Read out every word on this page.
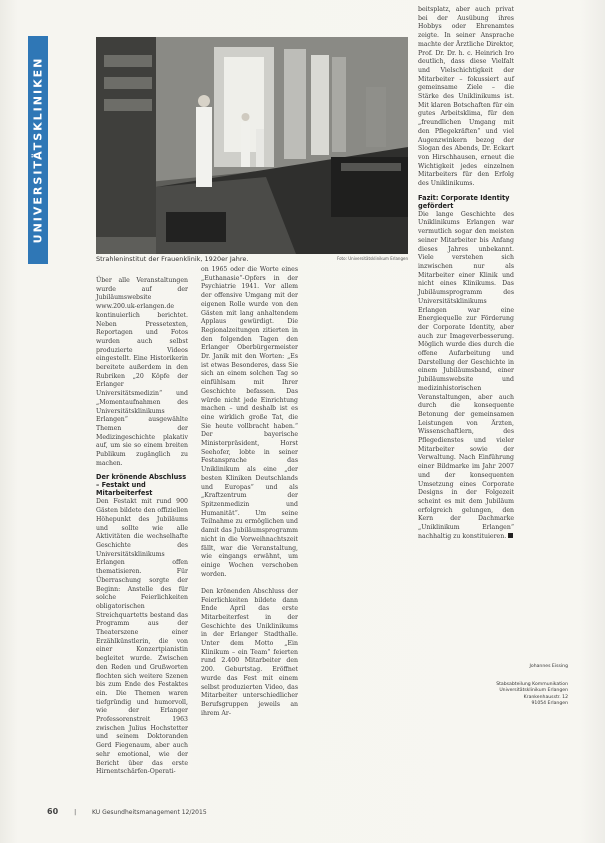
UNIVERSITÄTSKLINIKEN
Strahleninstitut der Frauenklinik, 1920er Jahre.	Foto: Universitätsklinikum Erlangen

Über alle Veranstaltungen wurde auf der Jubiläumswebsite www.200.uk-erlangen.de kontinuierlich berichtet. Neben Pressetexten, Reportagen und Fotos wurden auch selbst produzierte Videos eingestellt. Eine Historikerin bereitete außerdem in den Rubriken „20 Köpfe der Erlanger Universitätsmedizin“ und „Momentaufnahmen des Universitätsklinikums Erlangen“ ausgewählte Themen der Medizingeschichte plakativ auf, um sie so einem breiten Publikum zugänglich zu machen.

Der krönende Abschluss – Festakt und Mitarbeiterfest

Den Festakt mit rund 900 Gästen bildete den offiziellen Höhepunkt des Jubiläums und sollte wie alle Aktivitäten die wechselhafte Geschichte des Universitätsklinikums Erlangen offen thematisieren. Für Überraschung sorgte der Beginn: Anstelle des für solche Feierlichkeiten obligatorischen Streichquartetts bestand das Programm aus der Theaterszene einer Erzählkünstlerin, die von einer Konzertpianistin begleitet wurde. Zwischen den Reden und Grußworten flochten sich weitere Szenen bis zum Ende des Festaktes ein. Die Themen waren tiefgründig und humorvoll, wie der Erlanger Professorenstreit 1963 zwischen Julius Hochstetter und seinem Doktoranden Gerd Fiegenaum, aber auch sehr emotional, wie der Bericht über das erste Hirnentschärfen-Operati-

on 1965 oder die Worte eines „Euthanasie“-Opfers in der Psychiatrie 1941. Vor allem der offensive Umgang mit der eigenen Rolle wurde von den Gästen mit lang anhaltendem Applaus gewürdigt. Die Regionalzeitungen zitierten in den folgenden Tagen den Erlanger Oberbürgermeister Dr. Janik mit den Worten: „Es ist etwas Besonderes, dass Sie sich an einem solchen Tag so einfühlsam mit Ihrer Geschichte befassen. Das würde nicht jede Einrichtung machen – und deshalb ist es eine wirklich große Tat, die Sie heute vollbracht haben.“ Der bayerische Ministerpräsident, Horst Seehofer, lobte in seiner Festansprache das Uniklinikum als eine „der besten Kliniken Deutschlands und Europas“ und als „Kraftzentrum der Spitzenmedizin und Humanität“. Um seine Teilnahme zu ermöglichen und damit das Jubiläumsprogramm nicht in die Vorweihnachtszeit fällt, war die Veranstaltung, wie eingangs erwähnt, um einige Wochen verschoben worden.

Den krönenden Abschluss der Feierlichkeiten bildete dann Ende April das erste Mitarbeiterfest in der Geschichte des Uniklinikums in der Erlanger Stadthalle. Unter dem Motto „Ein Klinikum – ein Team“ feierten rund 2.400 Mitarbeiter den 200. Geburtstag. Eröffnet wurde das Fest mit einem selbst produzierten Video, das Mitarbeiter unterschiedlicher Berufsgruppen jeweils an ihrem Ar-

beitsplatz, aber auch privat bei der Ausübung ihres Hobbys oder Ehrenamtes zeigte. In seiner Ansprache machte der Ärztliche Direktor, Prof. Dr. Dr. h. c. Heinrich Iro deutlich, dass diese Vielfalt und Vielschichtigkeit der Mitarbeiter – fokussiert auf gemeinsame Ziele – die Stärke des Uniklinikums ist. Mit klaren Botschaften für ein gutes Arbeitsklima, für den „freundlichen Umgang mit den Pflegekräften“ und viel Augenzwinkern bezog der Slogan des Abends, Dr. Eckart von Hirschhausen, erneut die Wichtigkeit jedes einzelnen Mitarbeiters für den Erfolg des Uniklinikums.

Fazit: Corporate Identity gefördert

Die lange Geschichte des Uniklinikums Erlangen war vermutlich sogar den meisten seiner Mitarbeiter bis Anfang dieses Jahres unbekannt. Viele verstehen sich inzwischen nur als Mitarbeiter einer Klinik und nicht eines Klinikums. Das Jubiläumsprogramm des Universitätsklinikums Erlangen war eine Energiequelle zur Förderung der Corporate Identity, aber auch zur Imageverbesserung. Möglich wurde dies durch die offene Aufarbeitung und Darstellung der Geschichte in einem Jubiläumsband, einer Jubiläumswebsite und medizinhistorischen Veranstaltungen, aber auch durch die konsequente Betonung der gemeinsamen Leistungen von Ärzten, Wissenschaftlern, des Pflegedienstes und vieler Mitarbeiter sowie der Verwaltung. Nach Einführung einer Bildmarke im Jahr 2007 und der konsequenten Umsetzung eines Corporate Designs in der Folgezeit scheint es mit dem Jubiläum erfolgreich gelungen, den Kern der Dachmarke „Uniklinikum Erlangen“ nachhaltig zu konstituieren.

Johannes Eissing
Stabsabteilung Kommunikation
Universitätsklinikum Erlangen
Krankenhausstr. 12
91054 Erlangen
60	|	KU Gesundheitsmanagement 12/2015
